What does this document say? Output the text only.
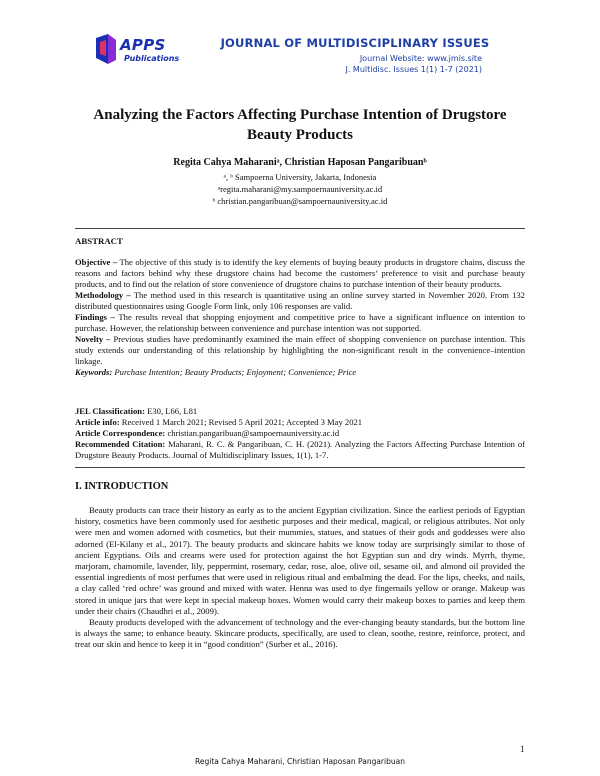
APPS
Publications
JOURNAL OF MULTIDISCIPLINARY ISSUES
Journal Website: www.jmis.site
J. Multidisc. Issues 1(1) 1-7 (2021)
Analyzing the Factors Affecting Purchase Intention of Drugstore
Beauty Products
Regita Cahya Maharaniᵃ, Christian Haposan Pangaribuanᵇ
ᵃ, ᵇ Sampoerna University, Jakarta, Indonesia
ᵃregita.maharani@my.sampoernauniversity.ac.id
ᵇ christian.pangaribuan@sampoernauniversity.ac.id
ABSTRACT

Objective – The objective of this study is to identify the key elements of buying beauty products in drugstore chains, discuss the reasons and factors behind why these drugstore chains had become the customers’ preference to visit and purchase beauty products, and to find out the relation of store convenience of drugstore chains to purchase intention of their beauty products.

Methodology – The method used in this research is quantitative using an online survey started in November 2020. From 132 distributed questionnaires using Google Form link, only 106 responses are valid.

Findings – The results reveal that shopping enjoyment and competitive price to have a significant influence on intention to purchase. However, the relationship between convenience and purchase intention was not supported.

Novelty – Previous studies have predominantly examined the main effect of shopping convenience on purchase intention. This study extends our understanding of this relationship by highlighting the non-significant result in the convenience–intention linkage.

Keywords: Purchase Intention; Beauty Products; Enjoyment; Convenience; Price

JEL Classification: E30, L66, L81

Article info: Received 1 March 2021; Revised 5 April 2021; Accepted 3 May 2021

Article Correspondence: christian.pangaribuan@sampoernauniversity.ac.id

Recommended Citation: Maharani, R. C. & Pangaribuan, C. H. (2021). Analyzing the Factors Affecting Purchase Intention of Drugstore Beauty Products. Journal of Multidisciplinary Issues, 1(1), 1-7.

I. INTRODUCTION

Beauty products can trace their history as early as to the ancient Egyptian civilization. Since the earliest periods of Egyptian history, cosmetics have been commonly used for aesthetic purposes and their medical, magical, or religious attributes. Not only were men and women adorned with cosmetics, but their mummies, statues, and statues of their gods and goddesses were also adorned (El-Kilany et al., 2017). The beauty products and skincare habits we know today are surprisingly similar to those of ancient Egyptians. Oils and creams were used for protection against the hot Egyptian sun and dry winds. Myrrh, thyme, marjoram, chamomile, lavender, lily, peppermint, rosemary, cedar, rose, aloe, olive oil, sesame oil, and almond oil provided the essential ingredients of most perfumes that were used in religious ritual and embalming the dead. For the lips, cheeks, and nails, a clay called ‘red ochre’ was ground and mixed with water. Henna was used to dye fingernails yellow or orange. Makeup was stored in unique jars that were kept in special makeup boxes. Women would carry their makeup boxes to parties and keep them under their chairs (Chaudhri et al., 2009).

Beauty products developed with the advancement of technology and the ever-changing beauty standards, but the bottom line is always the same; to enhance beauty. Skincare products, specifically, are used to clean, soothe, restore, reinforce, protect, and treat our skin and hence to keep it in “good condition” (Surber et al., 2016).

1
Regita Cahya Maharani, Christian Haposan Pangaribuan
